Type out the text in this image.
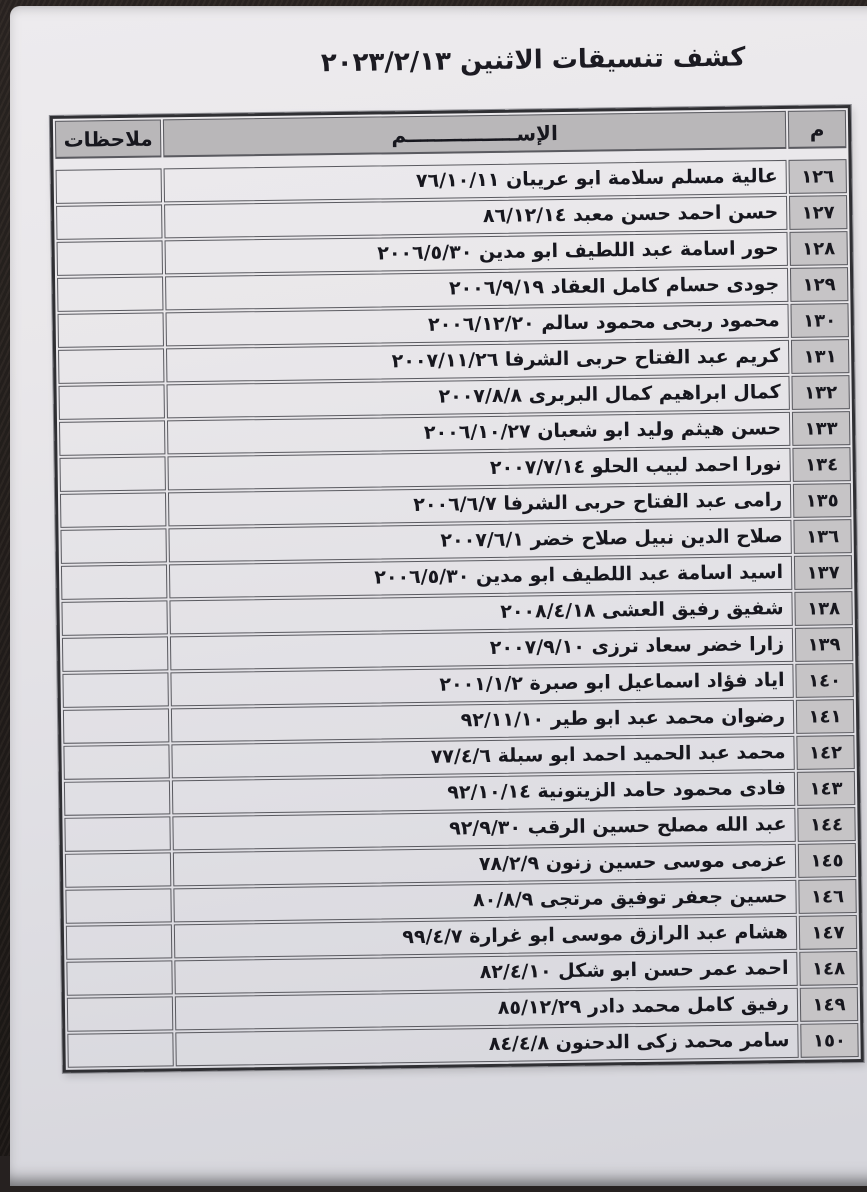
كشف تنسيقات الاثنين ٢٠٢٣/٢/١٣
م	الإســــــــــــــــم	ملاحظات

١٢٦	عالية مسلم سلامة ابو عريبان ٧٦/١٠/١١	
١٢٧	حسن احمد حسن معبد ٨٦/١٢/١٤	
١٢٨	حور اسامة عبد اللطيف ابو مدين ٢٠٠٦/٥/٣٠	
١٢٩	جودى حسام كامل العقاد ٢٠٠٦/٩/١٩	
١٣٠	محمود ربحى محمود سالم ٢٠٠٦/١٢/٢٠	
١٣١	كريم عبد الفتاح حربى الشرفا ٢٠٠٧/١١/٢٦	
١٣٢	كمال ابراهيم كمال البربرى ٢٠٠٧/٨/٨	
١٣٣	حسن هيثم وليد ابو شعبان ٢٠٠٦/١٠/٢٧	
١٣٤	نورا احمد لبيب الحلو ٢٠٠٧/٧/١٤	
١٣٥	رامى عبد الفتاح حربى الشرفا ٢٠٠٦/٦/٧	
١٣٦	صلاح الدين نبيل صلاح خضر ٢٠٠٧/٦/١	
١٣٧	اسيد اسامة عبد اللطيف ابو مدين ٢٠٠٦/٥/٣٠	
١٣٨	شفيق رفيق العشى ٢٠٠٨/٤/١٨	
١٣٩	زارا خضر سعاد ترزى ٢٠٠٧/٩/١٠	
١٤٠	اياد فؤاد اسماعيل ابو صبرة ٢٠٠١/١/٢	
١٤١	رضوان محمد عبد ابو طير ٩٢/١١/١٠	
١٤٢	محمد عبد الحميد احمد ابو سبلة ٧٧/٤/٦	
١٤٣	فادى محمود حامد الزيتونية ٩٢/١٠/١٤	
١٤٤	عبد الله مصلح حسين الرقب ٩٢/٩/٣٠	
١٤٥	عزمى موسى حسين زنون ٧٨/٢/٩	
١٤٦	حسين جعفر توفيق مرتجى ٨٠/٨/٩	
١٤٧	هشام عبد الرازق موسى ابو غرارة ٩٩/٤/٧	
١٤٨	احمد عمر حسن ابو شكل ٨٢/٤/١٠	
١٤٩	رفيق كامل محمد دادر ٨٥/١٢/٢٩	
١٥٠	سامر محمد زكى الدحنون ٨٤/٤/٨	
